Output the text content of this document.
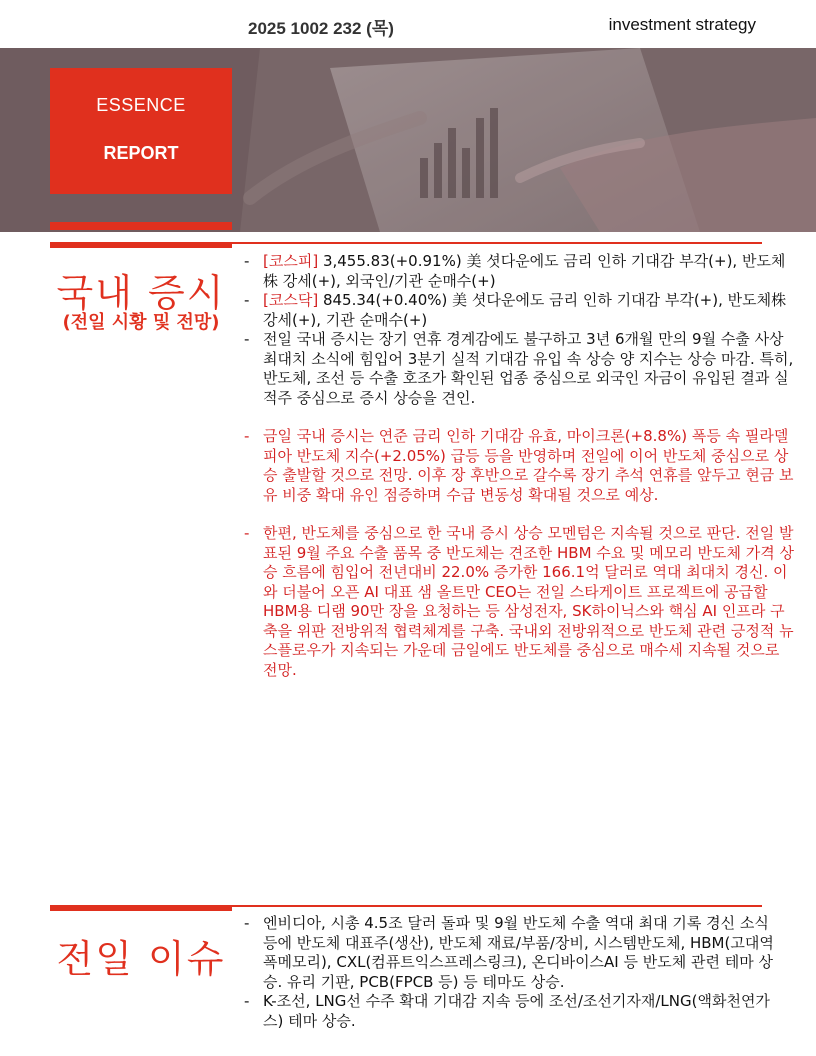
2025 1002 232 (목)	investment strategy
ESSENCE
REPORT
국내 증시
(전일 시황 및 전망)
- [코스피] 3,455.83(+0.91%) 美 셧다운에도 금리 인하 기대감 부각(+), 반도체株 강세(+), 외국인/기관 순매수(+)
- [코스닥] 845.34(+0.40%) 美 셧다운에도 금리 인하 기대감 부각(+), 반도체株 강세(+), 기관 순매수(+)
- 전일 국내 증시는 장기 연휴 경계감에도 불구하고 3년 6개월 만의 9월 수출 사상 최대치 소식에 힘입어 3분기 실적 기대감 유입 속 상승 양 지수는 상승 마감. 특히, 반도체, 조선 등 수출 호조가 확인된 업종 중심으로 외국인 자금이 유입된 결과 실적주 중심으로 증시 상승을 견인.
- 금일 국내 증시는 연준 금리 인하 기대감 유효, 마이크론(+8.8%) 폭등 속 필라델피아 반도체 지수(+2.05%) 급등 등을 반영하며 전일에 이어 반도체 중심으로 상승 출발할 것으로 전망. 이후 장 후반으로 갈수록 장기 추석 연휴를 앞두고 현금 보유 비중 확대 유인 점증하며 수급 변동성 확대될 것으로 예상.
- 한편, 반도체를 중심으로 한 국내 증시 상승 모멘텀은 지속될 것으로 판단. 전일 발표된 9월 주요 수출 품목 중 반도체는 견조한 HBM 수요 및 메모리 반도체 가격 상승 흐름에 힘입어 전년대비 22.0% 증가한 166.1억 달러로 역대 최대치 경신. 이와 더불어 오픈 AI 대표 샘 올트만 CEO는 전일 스타게이트 프로젝트에 공급할 HBM용 디램 90만 장을 요청하는 등 삼성전자, SK하이닉스와 핵심 AI 인프라 구축을 위판 전방위적 협력체계를 구축. 국내외 전방위적으로 반도체 관련 긍정적 뉴스플로우가 지속되는 가운데 금일에도 반도체를 중심으로 매수세 지속될 것으로 전망.
전일 이슈
- 엔비디아, 시총 4.5조 달러 돌파 및 9월 반도체 수출 역대 최대 기록 경신 소식 등에 반도체 대표주(생산), 반도체 재료/부품/장비, 시스템반도체, HBM(고대역폭메모리), CXL(컴퓨트익스프레스링크), 온디바이스AI 등 반도체 관련 테마 상승. 유리 기판, PCB(FPCB 등) 등 테마도 상승.
- K-조선, LNG선 수주 확대 기대감 지속 등에 조선/조선기자재/LNG(액화천연가스) 테마 상승.
